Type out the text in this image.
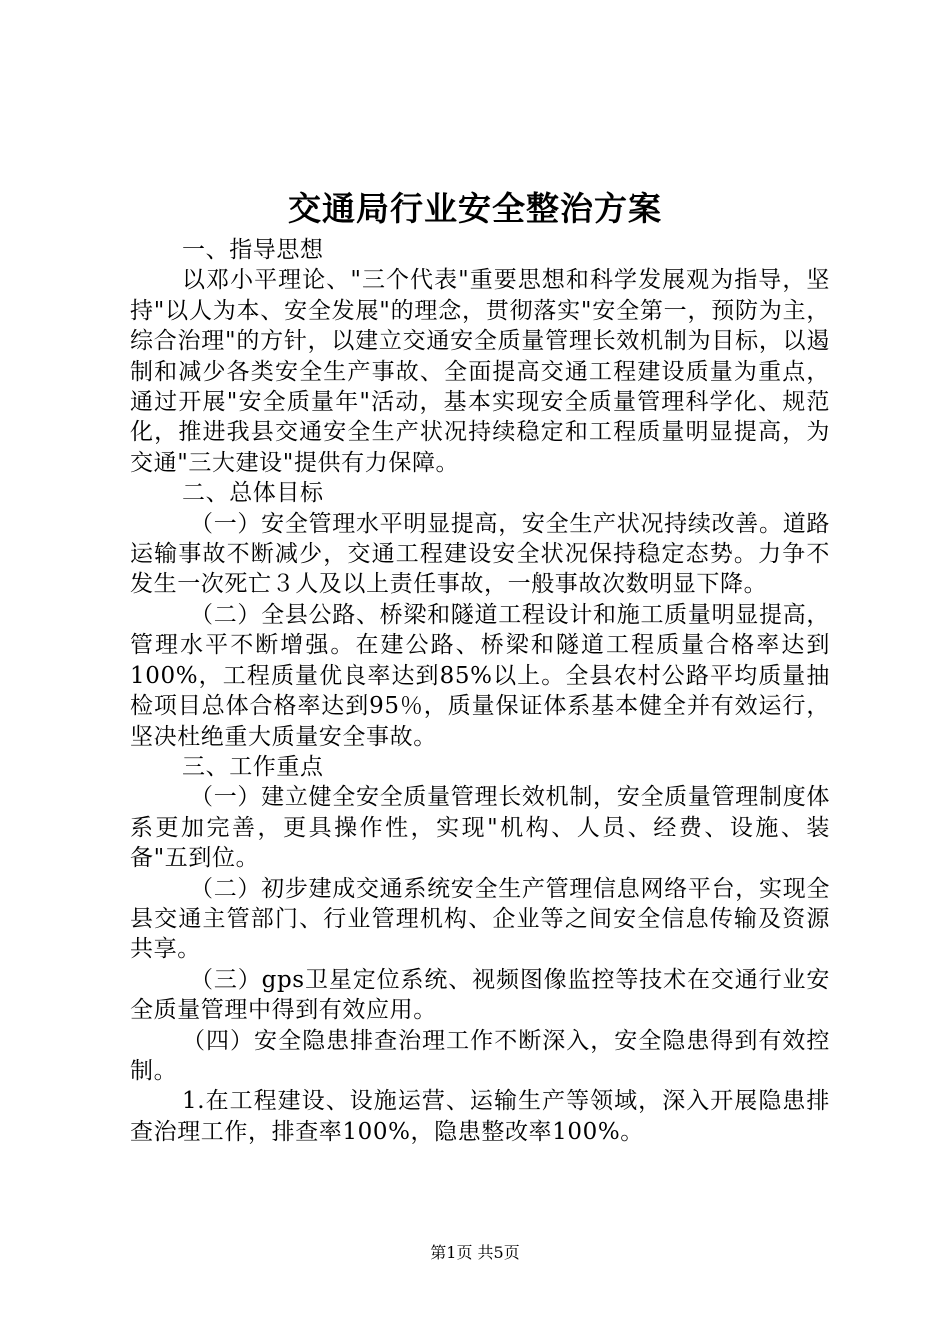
交通局行业安全整治方案

一、指导思想

以邓小平理论、"三个代表"重要思想和科学发展观为指导，坚持"以人为本、安全发展"的理念，贯彻落实"安全第一，预防为主，综合治理"的方针，以建立交通安全质量管理长效机制为目标，以遏制和减少各类安全生产事故、全面提高交通工程建设质量为重点，通过开展"安全质量年"活动，基本实现安全质量管理科学化、规范化，推进我县交通安全生产状况持续稳定和工程质量明显提高，为交通"三大建设"提供有力保障。

二、总体目标

（一）安全管理水平明显提高，安全生产状况持续改善。道路运输事故不断减少，交通工程建设安全状况保持稳定态势。力争不发生一次死亡３人及以上责任事故，一般事故次数明显下降。

（二）全县公路、桥梁和隧道工程设计和施工质量明显提高，管理水平不断增强。在建公路、桥梁和隧道工程质量合格率达到100%，工程质量优良率达到85%以上。全县农村公路平均质量抽检项目总体合格率达到95％，质量保证体系基本健全并有效运行，坚决杜绝重大质量安全事故。

三、工作重点

（一）建立健全安全质量管理长效机制，安全质量管理制度体系更加完善，更具操作性，实现"机构、人员、经费、设施、装备"五到位。

（二）初步建成交通系统安全生产管理信息网络平台，实现全县交通主管部门、行业管理机构、企业等之间安全信息传输及资源共享。

（三）gps卫星定位系统、视频图像监控等技术在交通行业安全质量管理中得到有效应用。

（四）安全隐患排查治理工作不断深入，安全隐患得到有效控制。

1.在工程建设、设施运营、运输生产等领域，深入开展隐患排查治理工作，排查率100%，隐患整改率100%。

第1页 共5页
